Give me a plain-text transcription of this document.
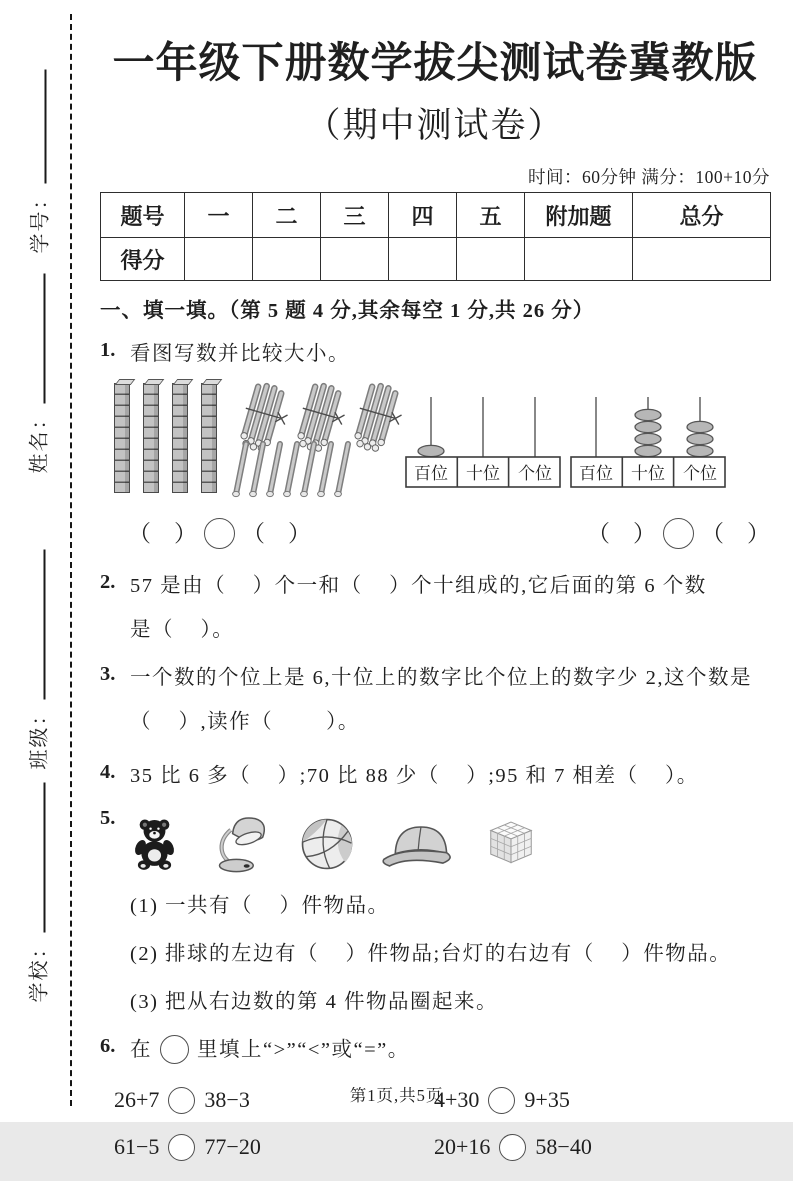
学号：
姓名：
班级：
学校：
一年级下册数学拔尖测试卷冀教版
（期中测试卷）
时间：60分钟 满分：100+10分
题号	一	二	三	四	五	附加题	总分
得分							
一、填一填。（第 5 题 4 分,其余每空 1 分,共 26 分）
1. 看图写数并比较大小。
百位 十位 个位 百位 十位 个位
（    ） （    ）	（    ） （    ）
2. 57 是由（    ）个一和（    ）个十组成的,它后面的第 6 个数
是（    ）。
3. 一个数的个位上是 6,十位上的数字比个位上的数字少 2,这个数是
（    ）,读作（        ）。
4. 35 比 6 多（    ）;70 比 88 少（    ）;95 和 7 相差（    ）。
5.
(1) 一共有（    ）件物品。
(2) 排球的左边有（    ）件物品;台灯的右边有（    ）件物品。
(3) 把从右边数的第 4 件物品圈起来。
6. 在 里填上“>”“<”或“=”。
26+7 38−3	4+30 9+35
61−5 77−20	20+16 58−40
第1页,共5页
